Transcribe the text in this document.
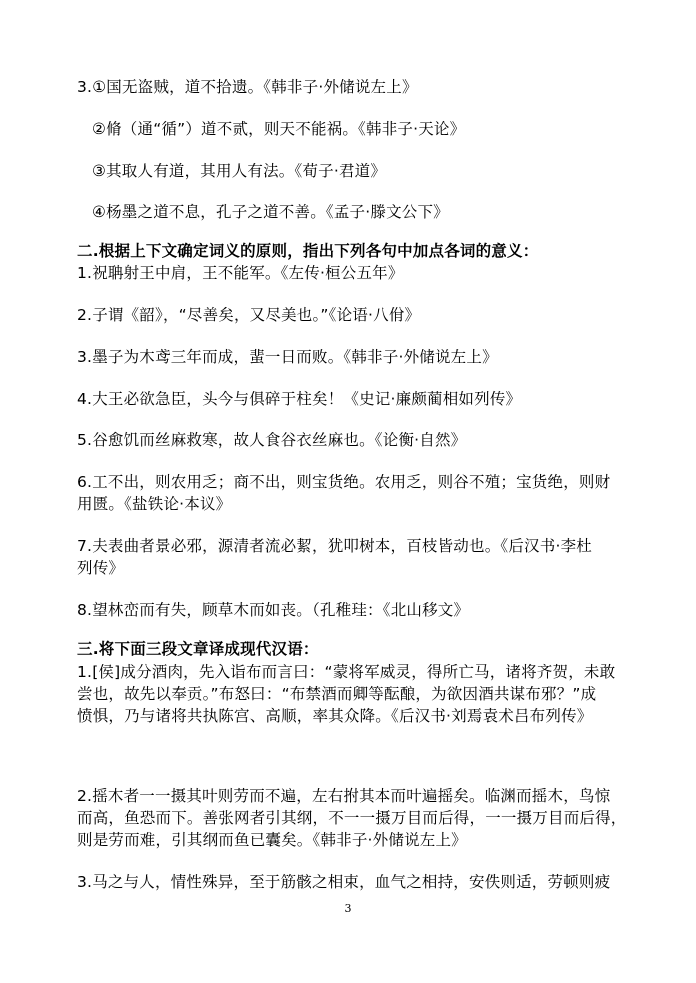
3.①国无盗贼，道不拾遗。《韩非子·外储说左上》
②脩（通“循”）道不贰，则天不能祸。《韩非子·天论》
③其取人有道，其用人有法。《荀子·君道》
④杨墨之道不息，孔子之道不善。《孟子·滕文公下》
二.根据上下文确定词义的原则，指出下列各句中加点各词的意义：
1.祝聃射王中肩，王不能军。《左传·桓公五年》
2.子谓《韶》，“尽善矣，又尽美也。”《论语·八佾》
3.墨子为木鸢三年而成，蜚一日而败。《韩非子·外储说左上》
4.大王必欲急臣，头今与俱碎于柱矣！《史记·廉颇蔺相如列传》
5.谷愈饥而丝麻救寒，故人食谷衣丝麻也。《论衡·自然》
6.工不出，则农用乏；商不出，则宝货绝。农用乏，则谷不殖；宝货绝，则财
用匮。《盐铁论·本议》
7.夫表曲者景必邪，源清者流必絜，犹叩树本，百枝皆动也。《后汉书·李杜
列传》
8.望林峦而有失，顾草木而如丧。（孔稚珪：《北山移文》
三.将下面三段文章译成现代汉语：
1.[侯]成分酒肉，先入诣布而言曰：“蒙将军威灵，得所亡马，诸将齐贺，未敢
尝也，故先以奉贡。”布怒曰：“布禁酒而卿等酝酿，为欲因酒共谋布邪？”成
愤惧，乃与诸将共执陈宫、高顺，率其众降。《后汉书·刘焉袁术吕布列传》
2.摇木者一一摄其叶则劳而不遍，左右拊其本而叶遍摇矣。临渊而摇木，鸟惊
而高，鱼恐而下。善张网者引其纲，不一一摄万目而后得，一一摄万目而后得，
则是劳而难，引其纲而鱼已囊矣。《韩非子·外储说左上》
3.马之与人，情性殊异，至于筋骸之相束，血气之相持，安佚则适，劳顿则疲
3
